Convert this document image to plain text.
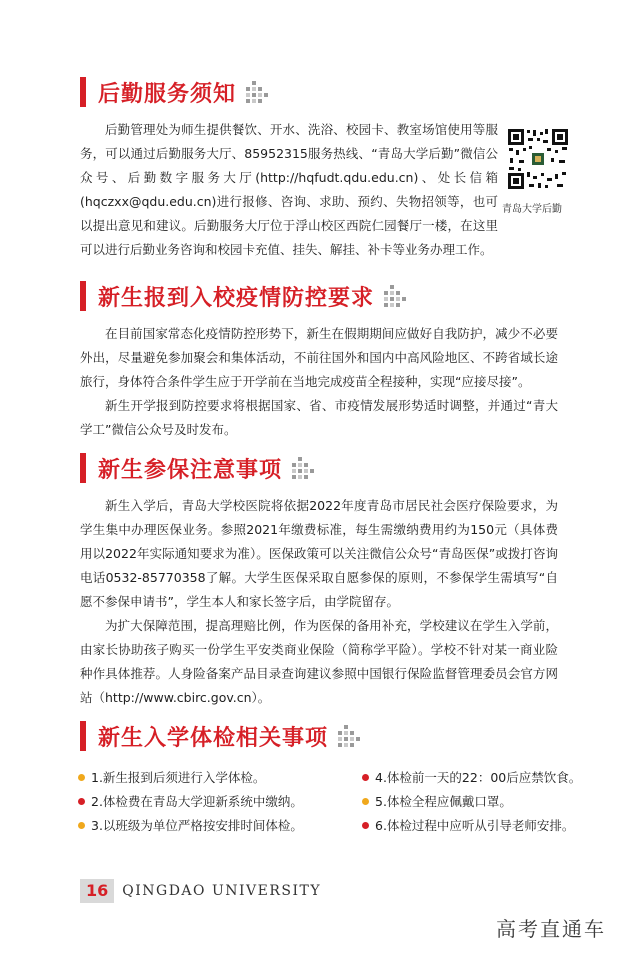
后勤服务须知

后勤管理处为师生提供餐饮、开水、洗浴、校园卡、教室场馆使用等服务，可以通过后勤服务大厅、85952315服务热线、“青岛大学后勤”微信公众号、后勤数字服务大厅(http://hqfudt.qdu.edu.cn)、处长信箱(hqczxx@qdu.edu.cn)进行报修、咨询、求助、预约、失物招领等，也可以提出意见和建议。后勤服务大厅位于浮山校区西院仁园餐厅一楼，在这里可以进行后勤业务咨询和校园卡充值、挂失、解挂、补卡等业务办理工作。

青岛大学后勤
新生报到入校疫情防控要求

在目前国家常态化疫情防控形势下，新生在假期期间应做好自我防护，减少不必要外出，尽量避免参加聚会和集体活动，不前往国外和国内中高风险地区、不跨省域长途旅行，身体符合条件学生应于开学前在当地完成疫苗全程接种，实现“应接尽接”。

新生开学报到防控要求将根据国家、省、市疫情发展形势适时调整，并通过“青大学工”微信公众号及时发布。

新生参保注意事项

新生入学后，青岛大学校医院将依据2022年度青岛市居民社会医疗保险要求，为学生集中办理医保业务。参照2021年缴费标准，每生需缴纳费用约为150元（具体费用以2022年实际通知要求为准）。医保政策可以关注微信公众号“青岛医保”或拨打咨询电话0532-85770358了解。大学生医保采取自愿参保的原则，不参保学生需填写“自愿不参保申请书”，学生本人和家长签字后，由学院留存。

为扩大保障范围，提高理赔比例，作为医保的备用补充，学校建议在学生入学前，由家长协助孩子购买一份学生平安类商业保险（简称学平险）。学校不针对某一商业险种作具体推荐。人身险备案产品目录查询建议参照中国银行保险监督管理委员会官方网站（http://www.cbirc.gov.cn）。

新生入学体检相关事项
1.新生报到后须进行入学体检。
2.体检费在青岛大学迎新系统中缴纳。
3.以班级为单位严格按安排时间体检。
4.体检前一天的22：00后应禁饮食。
5.体检全程应佩戴口罩。
6.体检过程中应听从引导老师安排。
16	QINGDAO UNIVERSITY
高考直通车
